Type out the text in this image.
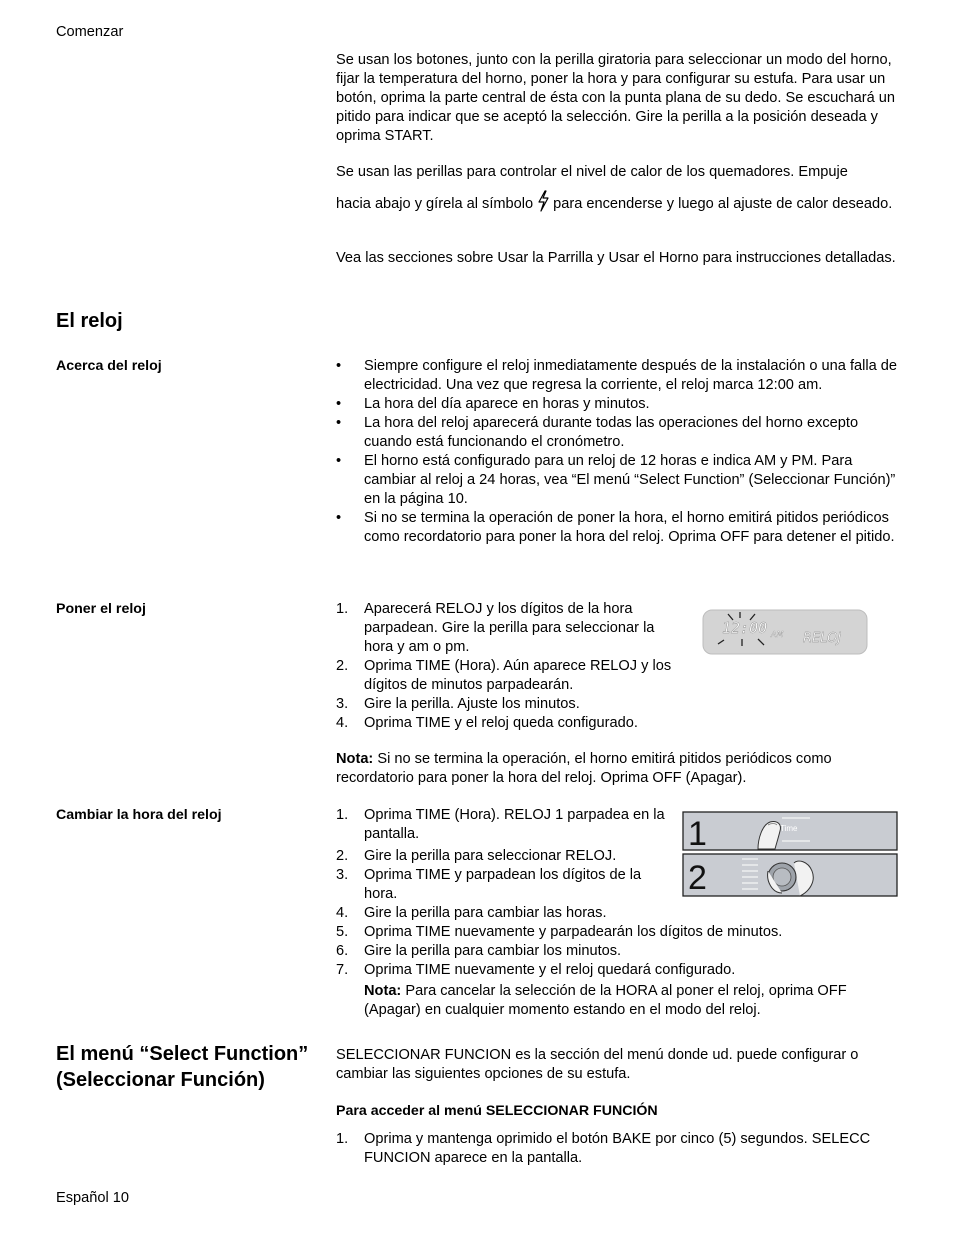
Comenzar

Se usan los botones, junto con la perilla giratoria para seleccionar un modo del horno, fijar la temperatura del horno, poner la hora y para configurar su estufa. Para usar un botón, oprima la parte central de ésta con la punta plana de su dedo. Se escuchará un pitido para indicar que se aceptó la selección. Gire la perilla a la posición deseada y oprima START.

Se usan las perillas para controlar el nivel de calor de los quemadores. Empuje

hacia abajo y gírela al símbolo para encenderse y luego al ajuste de calor deseado.

Vea las secciones sobre Usar la Parrilla y Usar el Horno para instrucciones detalladas.

El reloj
Acerca del reloj	• Siempre configure el reloj inmediatamente después de la instalación o una falla de electricidad. Una vez que regresa la corriente, el reloj marca 12:00 am.
• La hora del día aparece en horas y minutos.
• La hora del reloj aparecerá durante todas las operaciones del horno excepto cuando está funcionando el cronómetro.
• El horno está configurado para un reloj de 12 horas e indica AM y PM. Para cambiar al reloj a 24 horas, vea “El menú “Select Function” (Seleccionar Función)” en la página 10.
• Si no se termina la operación de poner la hora, el horno emitirá pitidos periódicos como recordatorio para poner la hora del reloj. Oprima OFF para detener el pitido.
Poner el reloj	1. Aparecerá RELOJ y los dígitos de la hora parpadean. Gire la perilla para seleccionar la hora y am o pm.
2. Oprima TIME (Hora). Aún aparece RELOJ y los dígitos de minutos parpadearán.
3. Gire la perilla. Ajuste los minutos.
4. Oprima TIME y el reloj queda configurado.
12:00 AM RELOJ

Nota: Si no se termina la operación, el horno emitirá pitidos periódicos como recordatorio para poner la hora del reloj. Oprima OFF (Apagar).

Cambiar la hora del reloj	1. Oprima TIME (Hora). RELOJ 1 parpadea en la pantalla.
2. Gire la perilla para seleccionar RELOJ.
3. Oprima TIME y parpadean los dígitos de la hora.
4. Gire la perilla para cambiar las horas.
5. Oprima TIME nuevamente y parpadearán los dígitos de minutos.
6. Gire la perilla para cambiar los minutos.
7. Oprima TIME nuevamente y el reloj quedará configurado.
1	Time
2

Nota: Para cancelar la selección de la HORA al poner el reloj, oprima OFF (Apagar) en cualquier momento estando en el modo del reloj.

El menú “Select Function”
(Seleccionar Función)

SELECCIONAR FUNCION es la sección del menú donde ud. puede configurar o cambiar las siguientes opciones de su estufa.

Para acceder al menú SELECCIONAR FUNCIÓN
1. Oprima y mantenga oprimido el botón BAKE por cinco (5) segundos. SELECC FUNCION aparece en la pantalla.
Español 10
